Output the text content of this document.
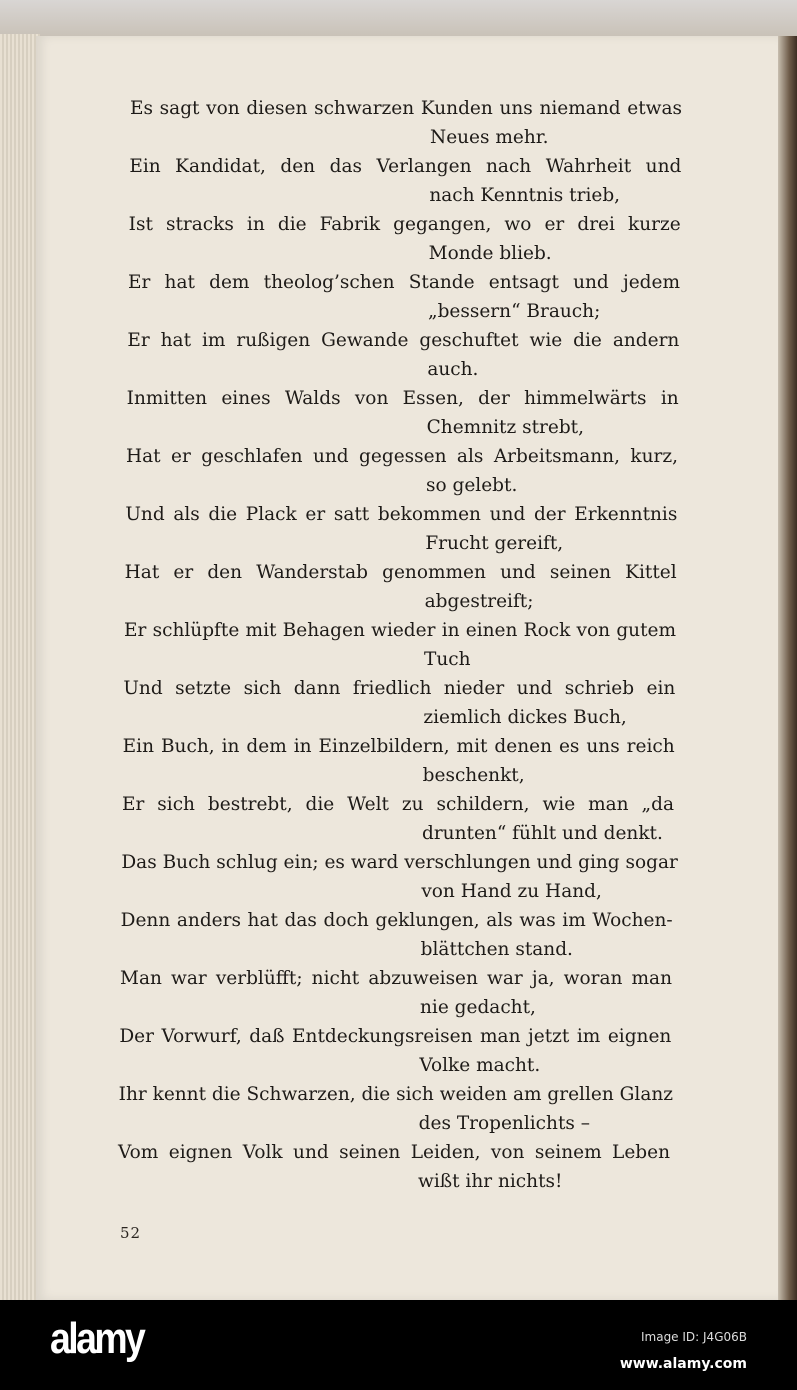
Es sagt von diesen schwarzen Kunden uns niemand etwas
Neues mehr.
Ein Kandidat, den das Verlangen nach Wahrheit und
nach Kenntnis trieb,
Ist stracks in die Fabrik gegangen, wo er drei kurze
Monde blieb.
Er hat dem theolog’schen Stande entsagt und jedem
„bessern“ Brauch;
Er hat im rußigen Gewande geschuftet wie die andern
auch.
Inmitten eines Walds von Essen, der himmelwärts in
Chemnitz strebt,
Hat er geschlafen und gegessen als Arbeitsmann, kurz,
so gelebt.
Und als die Plack er satt bekommen und der Erkenntnis
Frucht gereift,
Hat er den Wanderstab genommen und seinen Kittel
abgestreift;
Er schlüpfte mit Behagen wieder in einen Rock von gutem
Tuch
Und setzte sich dann friedlich nieder und schrieb ein
ziemlich dickes Buch,
Ein Buch, in dem in Einzelbildern, mit denen es uns reich
beschenkt,
Er sich bestrebt, die Welt zu schildern, wie man „da
drunten“ fühlt und denkt.
Das Buch schlug ein; es ward verschlungen und ging sogar
von Hand zu Hand,
Denn anders hat das doch geklungen, als was im Wochen-
blättchen stand.
Man war verblüfft; nicht abzuweisen war ja, woran man
nie gedacht,
Der Vorwurf, daß Entdeckungsreisen man jetzt im eignen
Volke macht.
Ihr kennt die Schwarzen, die sich weiden am grellen Glanz
des Tropenlichts –
Vom eignen Volk und seinen Leiden, von seinem Leben
wißt ihr nichts!
52
alamy	Image ID: J4G06B
www.alamy.com
